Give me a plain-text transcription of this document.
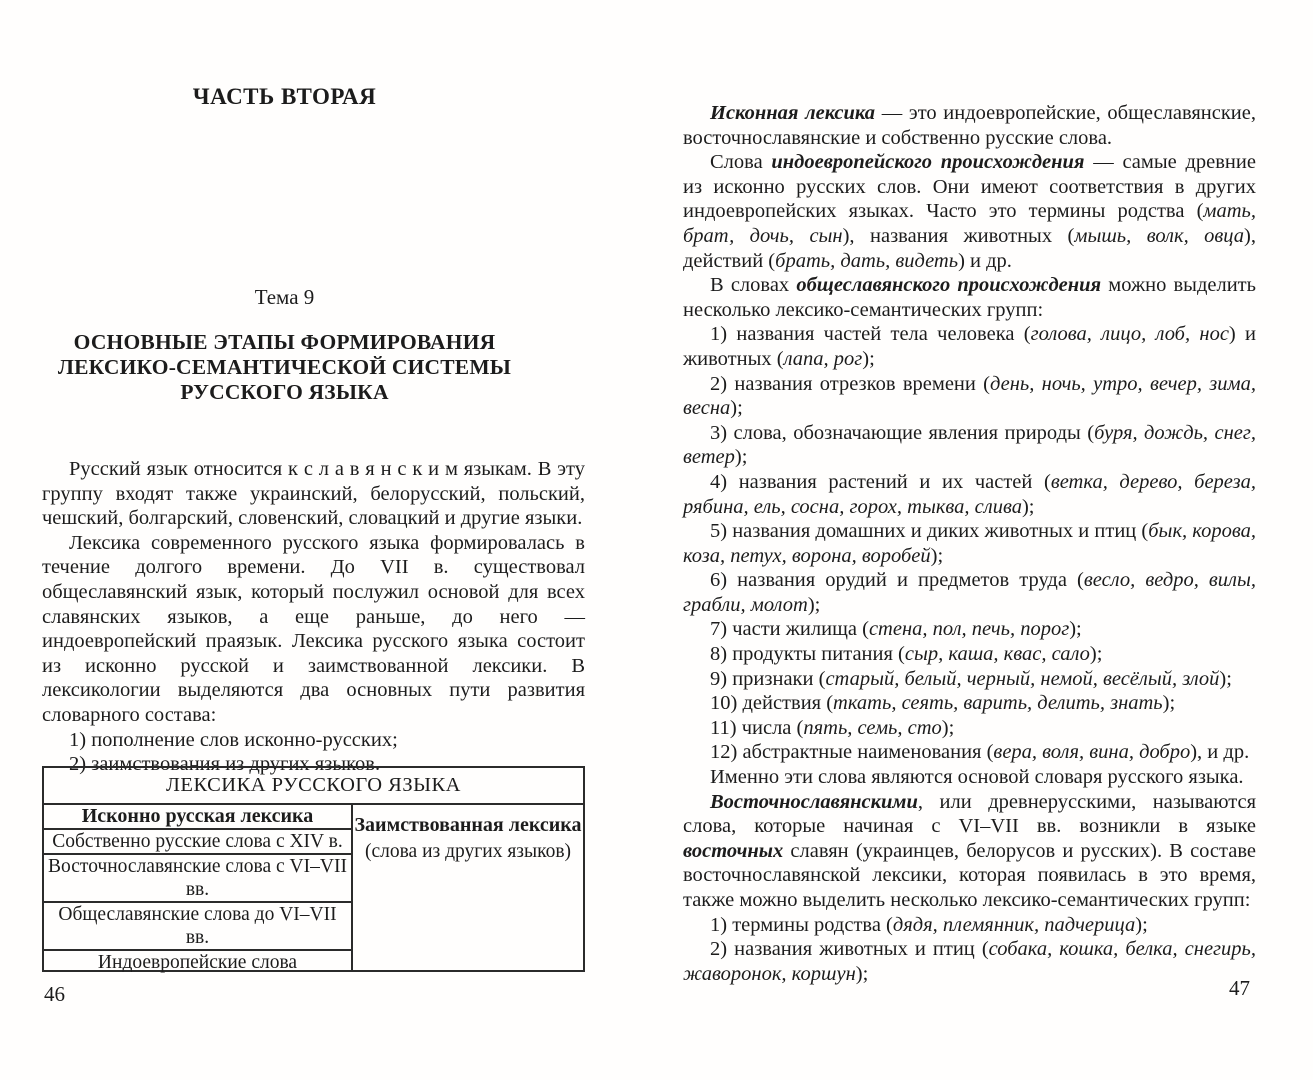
ЧАСТЬ ВТОРАЯ
Тема 9
ОСНОВНЫЕ ЭТАПЫ ФОРМИРОВАНИЯ
ЛЕКСИКО-СЕМАНТИЧЕСКОЙ СИСТЕМЫ
РУССКОГО ЯЗЫКА

Русский язык относится к с л а в я н с к и м языкам. В эту группу входят также украинский, белорусский, польский, чешский, болгарский, словенский, словацкий и другие языки.

Лексика современного русского языка формировалась в течение долгого времени. До VII в. существовал общеславянский язык, который послужил основой для всех славянских языков, а еще раньше, до него — индоевропейский праязык. Лексика русского языка состоит из исконно русской и заимствованной лексики. В лексикологии выделяются два основных пути развития словарного состава:

1) пополнение слов исконно-русских;

2) заимствования из других языков.

ЛЕКСИКА РУССКОГО ЯЗЫКА
Исконно русская лексика
Собственно русские слова с XIV в.
Восточнославянские слова с VI–VII вв.
Общеславянские слова до VI–VII вв.
Индоевропейские слова
Заимствованная лексика
(слова из других языков)
46

Исконная лексика — это индоевропейские, общеславянские, восточнославянские и собственно русские слова.

Слова индоевропейского происхождения — самые древние из исконно русских слов. Они имеют соответствия в других индоевропейских языках. Часто это термины родства (мать, брат, дочь, сын), названия животных (мышь, волк, овца), действий (брать, дать, видеть) и др.

В словах общеславянского происхождения можно выделить несколько лексико-семантических групп:

1) названия частей тела человека (голова, лицо, лоб, нос) и животных (лапа, рог);

2) названия отрезков времени (день, ночь, утро, вечер, зима, весна);

3) слова, обозначающие явления природы (буря, дождь, снег, ветер);

4) названия растений и их частей (ветка, дерево, береза, рябина, ель, сосна, горох, тыква, слива);

5) названия домашних и диких животных и птиц (бык, корова, коза, петух, ворона, воробей);

6) названия орудий и предметов труда (весло, ведро, вилы, грабли, молот);

7) части жилища (стена, пол, печь, порог);

8) продукты питания (сыр, каша, квас, сало);

9) признаки (старый, белый, черный, немой, весёлый, злой);

10) действия (ткать, сеять, варить, делить, знать);

11) числа (пять, семь, сто);

12) абстрактные наименования (вера, воля, вина, добро), и др.

Именно эти слова являются основой словаря русского языка.

Восточнославянскими, или древнерусскими, называются слова, которые начиная с VI–VII вв. возникли в языке восточных славян (украинцев, белорусов и русских). В составе восточнославянской лексики, которая появилась в это время, также можно выделить несколько лексико-семантических групп:

1) термины родства (дядя, племянник, падчерица);

2) названия животных и птиц (собака, кошка, белка, снегирь, жаворонок, коршун);

47
